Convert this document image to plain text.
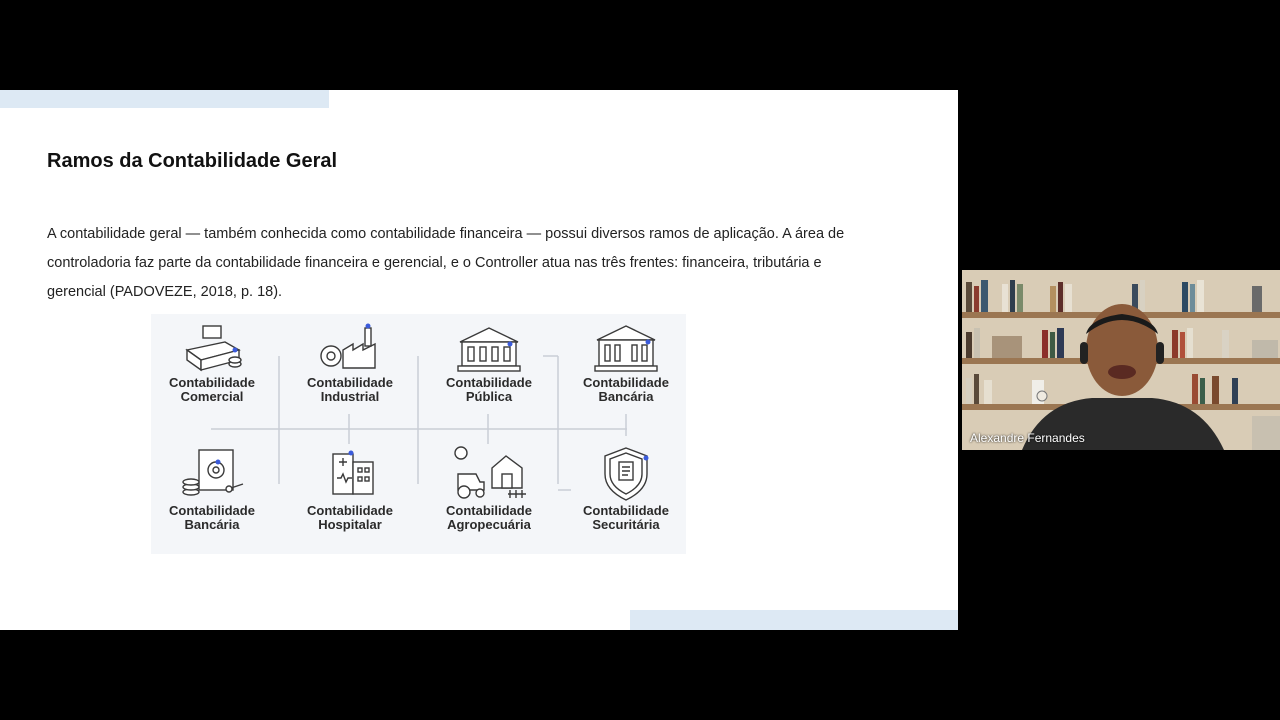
Ramos da Contabilidade Geral

A contabilidade geral — também conhecida como contabilidade financeira — possui diversos ramos de aplicação. A área de controladoria faz parte da contabilidade financeira e gerencial, e o Controller atua nas três frentes: financeira, tributária e gerencial (PADOVEZE, 2018, p. 18).

Contabilidade
Comercial
Contabilidade
Industrial
Contabilidade
Pública
Contabilidade
Bancária
Contabilidade
Bancária
Contabilidade
Hospitalar
Contabilidade
Agropecuária
Contabilidade
Securitária
Alexandre Fernandes
